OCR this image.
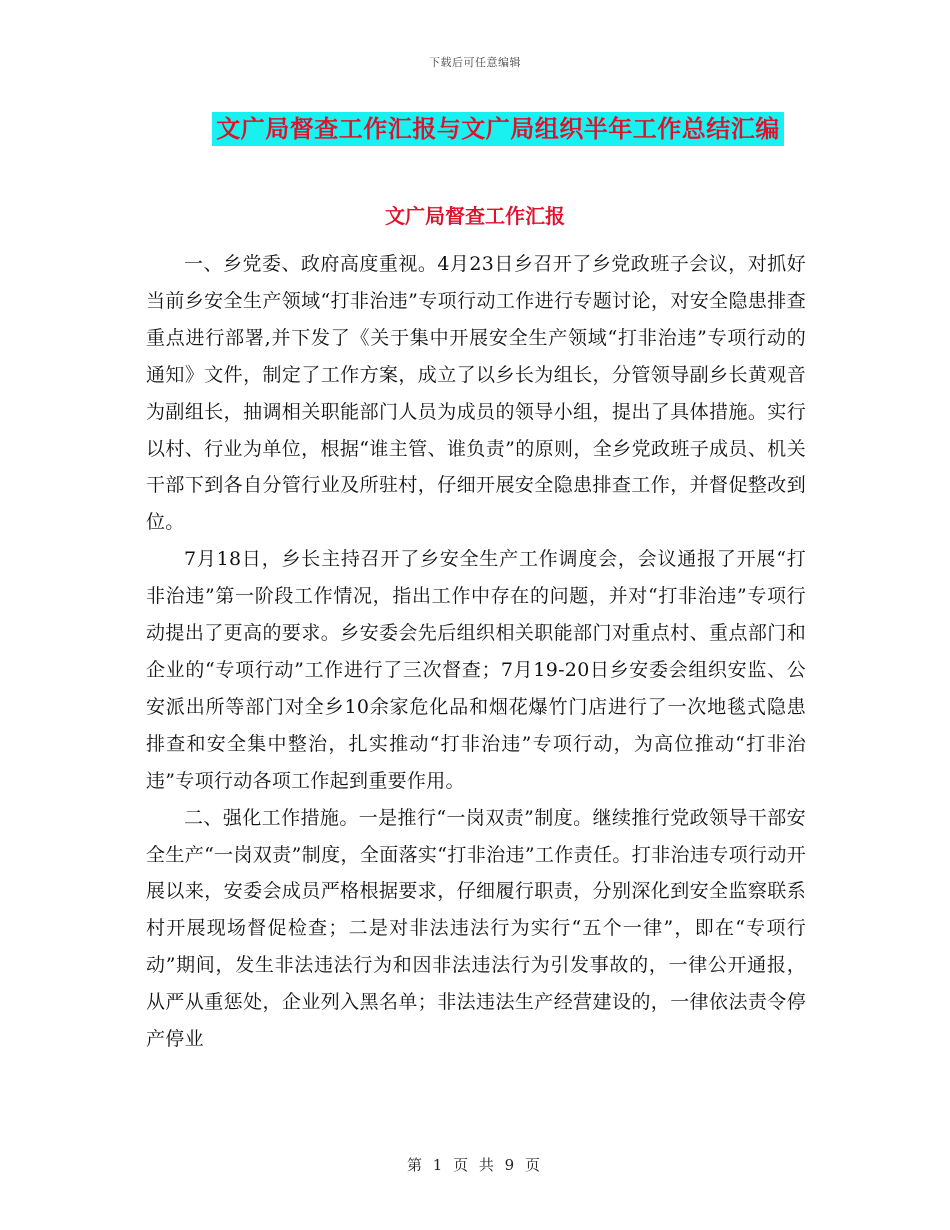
下载后可任意编辑
文广局督查工作汇报与文广局组织半年工作总结汇编
文广局督查工作汇报

一、乡党委、政府高度重视。4月23日乡召开了乡党政班子会议，对抓好当前乡安全生产领域“打非治违”专项行动工作进行专题讨论，对安全隐患排查重点进行部署,并下发了《关于集中开展安全生产领域“打非治违”专项行动的通知》文件，制定了工作方案，成立了以乡长为组长，分管领导副乡长黄观音为副组长，抽调相关职能部门人员为成员的领导小组，提出了具体措施。实行以村、行业为单位，根据“谁主管、谁负责”的原则，全乡党政班子成员、机关干部下到各自分管行业及所驻村，仔细开展安全隐患排查工作，并督促整改到位。

7月18日，乡长主持召开了乡安全生产工作调度会，会议通报了开展“打非治违”第一阶段工作情况，指出工作中存在的问题，并对“打非治违”专项行动提出了更高的要求。乡安委会先后组织相关职能部门对重点村、重点部门和企业的“专项行动”工作进行了三次督查；7月19-20日乡安委会组织安监、公安派出所等部门对全乡10余家危化品和烟花爆竹门店进行了一次地毯式隐患排查和安全集中整治，扎实推动“打非治违”专项行动，为高位推动“打非治违”专项行动各项工作起到重要作用。

二、强化工作措施。一是推行“一岗双责”制度。继续推行党政领导干部安全生产“一岗双责”制度，全面落实“打非治违”工作责任。打非治违专项行动开展以来，安委会成员严格根据要求，仔细履行职责，分别深化到安全监察联系村开展现场督促检查；二是对非法违法行为实行“五个一律”，即在“专项行动”期间，发生非法违法行为和因非法违法行为引发事故的，一律公开通报，从严从重惩处，企业列入黑名单；非法违法生产经营建设的，一律依法责令停产停业

第 1 页 共 9 页
